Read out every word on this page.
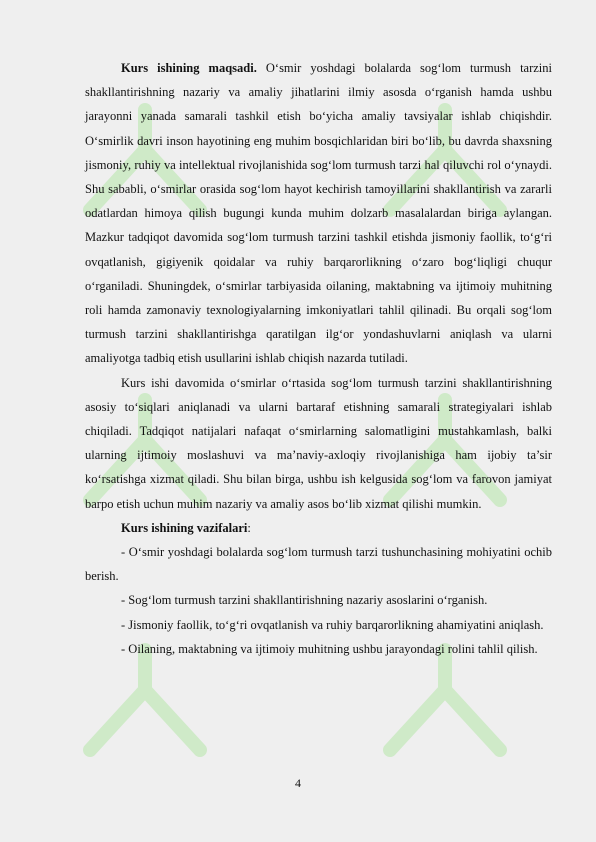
Kurs ishining maqsadi. O‘smir yoshdagi bolalarda sog‘lom turmush tarzini shakllantirishning nazariy va amaliy jihatlarini ilmiy asosda o‘rganish hamda ushbu jarayonni yanada samarali tashkil etish bo‘yicha amaliy tavsiyalar ishlab chiqishdir. O‘smirlik davri inson hayotining eng muhim bosqichlaridan biri bo‘lib, bu davrda shaxsning jismoniy, ruhiy va intellektual rivojlanishida sog‘lom turmush tarzi hal qiluvchi rol o‘ynaydi. Shu sababli, o‘smirlar orasida sog‘lom hayot kechirish tamoyillarini shakllantirish va zararli odatlardan himoya qilish bugungi kunda muhim dolzarb masalalardan biriga aylangan. Mazkur tadqiqot davomida sog‘lom turmush tarzini tashkil etishda jismoniy faollik, to‘g‘ri ovqatlanish, gigiyenik qoidalar va ruhiy barqarorlikning o‘zaro bog‘liqligi chuqur o‘rganiladi. Shuningdek, o‘smirlar tarbiyasida oilaning, maktabning va ijtimoiy muhitning roli hamda zamonaviy texnologiyalarning imkoniyatlari tahlil qilinadi. Bu orqali sog‘lom turmush tarzini shakllantirishga qaratilgan ilg‘or yondashuvlarni aniqlash va ularni amaliyotga tadbiq etish usullarini ishlab chiqish nazarda tutiladi.

Kurs ishi davomida o‘smirlar o‘rtasida sog‘lom turmush tarzini shakllantirishning asosiy to‘siqlari aniqlanadi va ularni bartaraf etishning samarali strategiyalari ishlab chiqiladi. Tadqiqot natijalari nafaqat o‘smirlarning salomatligini mustahkamlash, balki ularning ijtimoiy moslashuvi va ma’naviy-axloqiy rivojlanishiga ham ijobiy ta’sir ko‘rsatishga xizmat qiladi. Shu bilan birga, ushbu ish kelgusida sog‘lom va farovon jamiyat barpo etish uchun muhim nazariy va amaliy asos bo‘lib xizmat qilishi mumkin.

Kurs ishining vazifalari:

- O‘smir yoshdagi bolalarda sog‘lom turmush tarzi tushunchasining mohiyatini ochib berish.

- Sog‘lom turmush tarzini shakllantirishning nazariy asoslarini o‘rganish.

- Jismoniy faollik, to‘g‘ri ovqatlanish va ruhiy barqarorlikning ahamiyatini aniqlash.

- Oilaning, maktabning va ijtimoiy muhitning ushbu jarayondagi rolini tahlil qilish.

4
